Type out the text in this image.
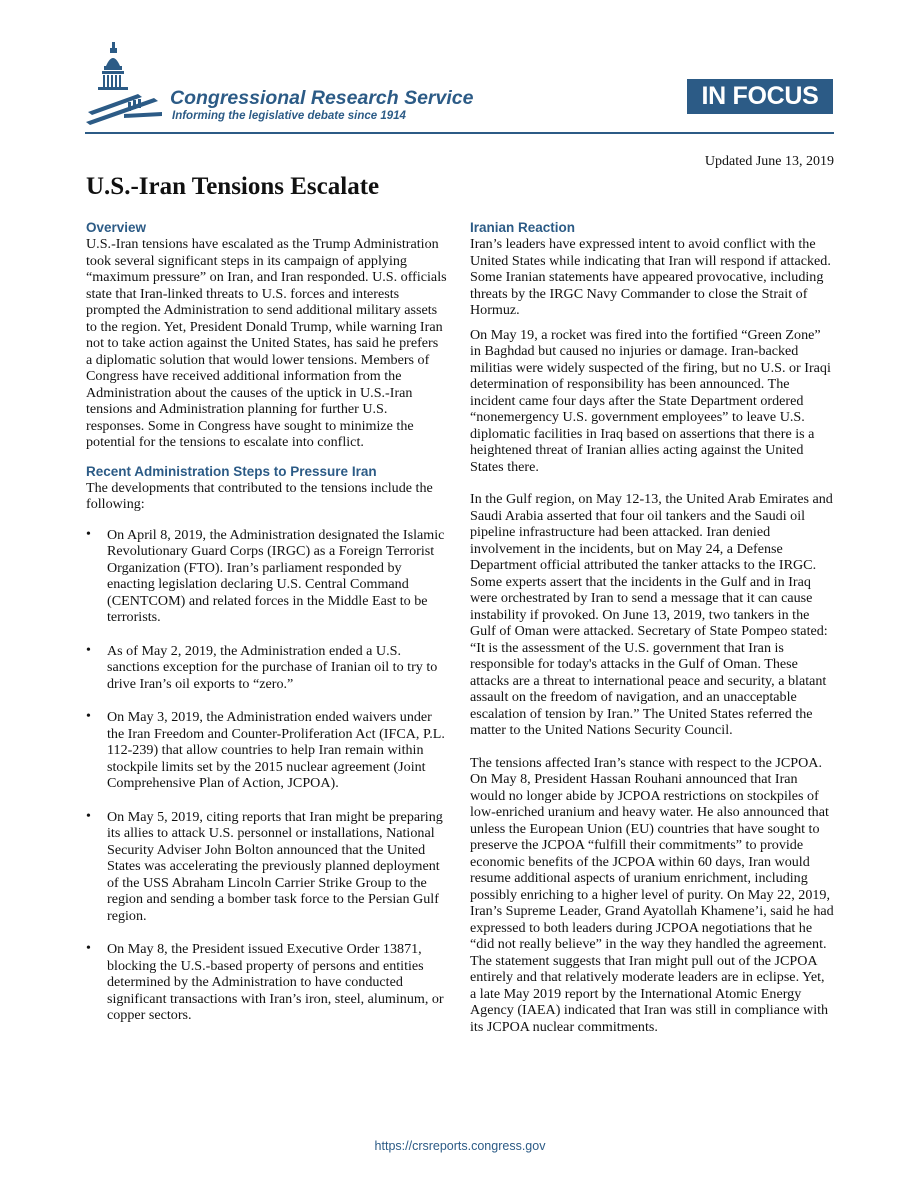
Congressional Research Service
Informing the legislative debate since 1914
IN FOCUS
Updated June 13, 2019
U.S.-Iran Tensions Escalate
Overview

U.S.-Iran tensions have escalated as the Trump Administration took several significant steps in its campaign of applying “maximum pressure” on Iran, and Iran responded. U.S. officials state that Iran-linked threats to U.S. forces and interests prompted the Administration to send additional military assets to the region. Yet, President Donald Trump, while warning Iran not to take action against the United States, has said he prefers a diplomatic solution that would lower tensions. Members of Congress have received additional information from the Administration about the causes of the uptick in U.S.-Iran tensions and Administration planning for further U.S. responses. Some in Congress have sought to minimize the potential for the tensions to escalate into conflict.

Recent Administration Steps to Pressure Iran

The developments that contributed to the tensions include the following:

• On April 8, 2019, the Administration designated the Islamic Revolutionary Guard Corps (IRGC) as a Foreign Terrorist Organization (FTO). Iran’s parliament responded by enacting legislation declaring U.S. Central Command (CENTCOM) and related forces in the Middle East to be terrorists.
• As of May 2, 2019, the Administration ended a U.S. sanctions exception for the purchase of Iranian oil to try to drive Iran’s oil exports to “zero.”
• On May 3, 2019, the Administration ended waivers under the Iran Freedom and Counter-Proliferation Act (IFCA, P.L. 112-239) that allow countries to help Iran remain within stockpile limits set by the 2015 nuclear agreement (Joint Comprehensive Plan of Action, JCPOA).
• On May 5, 2019, citing reports that Iran might be preparing its allies to attack U.S. personnel or installations, National Security Adviser John Bolton announced that the United States was accelerating the previously planned deployment of the USS Abraham Lincoln Carrier Strike Group to the region and sending a bomber task force to the Persian Gulf region.
• On May 8, the President issued Executive Order 13871, blocking the U.S.-based property of persons and entities determined by the Administration to have conducted significant transactions with Iran’s iron, steel, aluminum, or copper sectors.
Iranian Reaction

Iran’s leaders have expressed intent to avoid conflict with the United States while indicating that Iran will respond if attacked. Some Iranian statements have appeared provocative, including threats by the IRGC Navy Commander to close the Strait of Hormuz.

On May 19, a rocket was fired into the fortified “Green Zone” in Baghdad but caused no injuries or damage. Iran-backed militias were widely suspected of the firing, but no U.S. or Iraqi determination of responsibility has been announced. The incident came four days after the State Department ordered “nonemergency U.S. government employees” to leave U.S. diplomatic facilities in Iraq based on assertions that there is a heightened threat of Iranian allies acting against the United States there.

In the Gulf region, on May 12-13, the United Arab Emirates and Saudi Arabia asserted that four oil tankers and the Saudi oil pipeline infrastructure had been attacked. Iran denied involvement in the incidents, but on May 24, a Defense Department official attributed the tanker attacks to the IRGC. Some experts assert that the incidents in the Gulf and in Iraq were orchestrated by Iran to send a message that it can cause instability if provoked. On June 13, 2019, two tankers in the Gulf of Oman were attacked. Secretary of State Pompeo stated: “It is the assessment of the U.S. government that Iran is responsible for today's attacks in the Gulf of Oman. These attacks are a threat to international peace and security, a blatant assault on the freedom of navigation, and an unacceptable escalation of tension by Iran.” The United States referred the matter to the United Nations Security Council.

The tensions affected Iran’s stance with respect to the JCPOA. On May 8, President Hassan Rouhani announced that Iran would no longer abide by JCPOA restrictions on stockpiles of low-enriched uranium and heavy water. He also announced that unless the European Union (EU) countries that have sought to preserve the JCPOA “fulfill their commitments” to provide economic benefits of the JCPOA within 60 days, Iran would resume additional aspects of uranium enrichment, including possibly enriching to a higher level of purity. On May 22, 2019, Iran’s Supreme Leader, Grand Ayatollah Khamene’i, said he had expressed to both leaders during JCPOA negotiations that he “did not really believe” in the way they handled the agreement. The statement suggests that Iran might pull out of the JCPOA entirely and that relatively moderate leaders are in eclipse. Yet, a late May 2019 report by the International Atomic Energy Agency (IAEA) indicated that Iran was still in compliance with its JCPOA nuclear commitments.

https://crsreports.congress.gov
